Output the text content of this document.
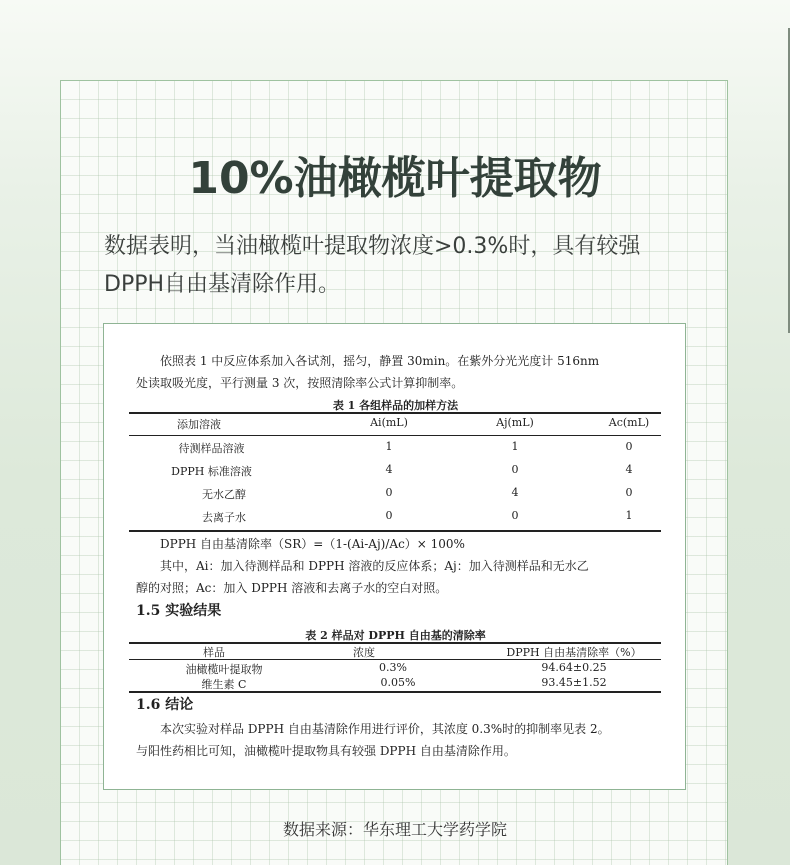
10%油橄榄叶提取物
数据表明，当油橄榄叶提取物浓度>0.3%时，具有较强
DPPH自由基清除作用。
依照表 1 中反应体系加入各试剂，摇匀，静置 30min。在紫外分光光度计 516nm
处读取吸光度，平行测量 3 次，按照清除率公式计算抑制率。
表 1 各组样品的加样方法
添加溶液	Ai(mL)	Aj(mL)	Ac(mL)
待测样品溶液	1	1	0
DPPH 标准溶液	4	0	4
无水乙醇	0	4	0
去离子水	0	0	1
DPPH 自由基清除率（SR）=（1-(Ai-Aj)/Ac）× 100%
其中，Ai：加入待测样品和 DPPH 溶液的反应体系；Aj：加入待测样品和无水乙
醇的对照；Ac：加入 DPPH 溶液和去离子水的空白对照。
1.5 实验结果
表 2 样品对 DPPH 自由基的清除率
样品	浓度	DPPH 自由基清除率（%）
油橄榄叶提取物	0.3%	94.64±0.25
维生素 C	0.05%	93.45±1.52
1.6 结论
本次实验对样品 DPPH 自由基清除作用进行评价，其浓度 0.3%时的抑制率见表 2。
与阳性药相比可知，油橄榄叶提取物具有较强 DPPH 自由基清除作用。
数据来源：华东理工大学药学院
